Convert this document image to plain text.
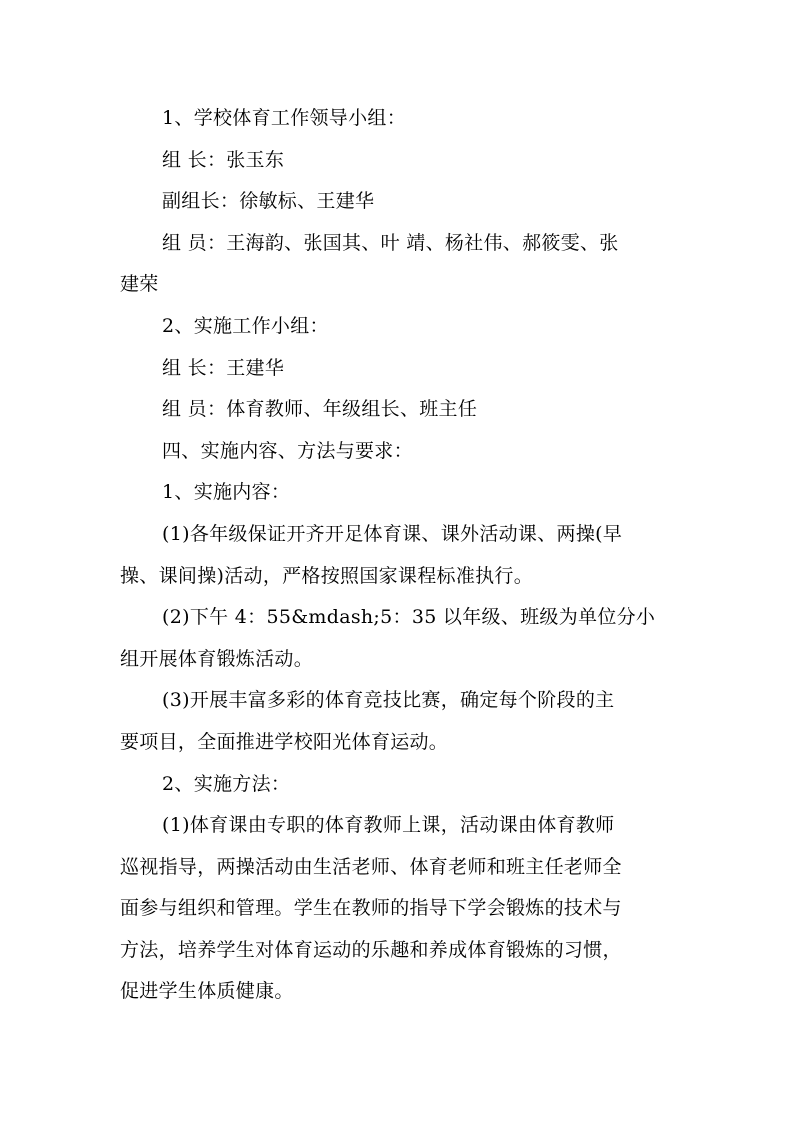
1、学校体育工作领导小组：
组 长：张玉东
副组长：徐敏标、王建华
组 员：王海韵、张国其、叶 靖、杨社伟、郝筱雯、张
建荣
2、实施工作小组：
组 长：王建华
组 员：体育教师、年级组长、班主任
四、实施内容、方法与要求：
1、实施内容：
(1)各年级保证开齐开足体育课、课外活动课、两操(早
操、课间操)活动，严格按照国家课程标准执行。
(2)下午 4：55&mdash;5：35 以年级、班级为单位分小
组开展体育锻炼活动。
(3)开展丰富多彩的体育竞技比赛，确定每个阶段的主
要项目，全面推进学校阳光体育运动。
2、实施方法：
(1)体育课由专职的体育教师上课，活动课由体育教师
巡视指导，两操活动由生活老师、体育老师和班主任老师全
面参与组织和管理。学生在教师的指导下学会锻炼的技术与
方法，培养学生对体育运动的乐趣和养成体育锻炼的习惯，
促进学生体质健康。
